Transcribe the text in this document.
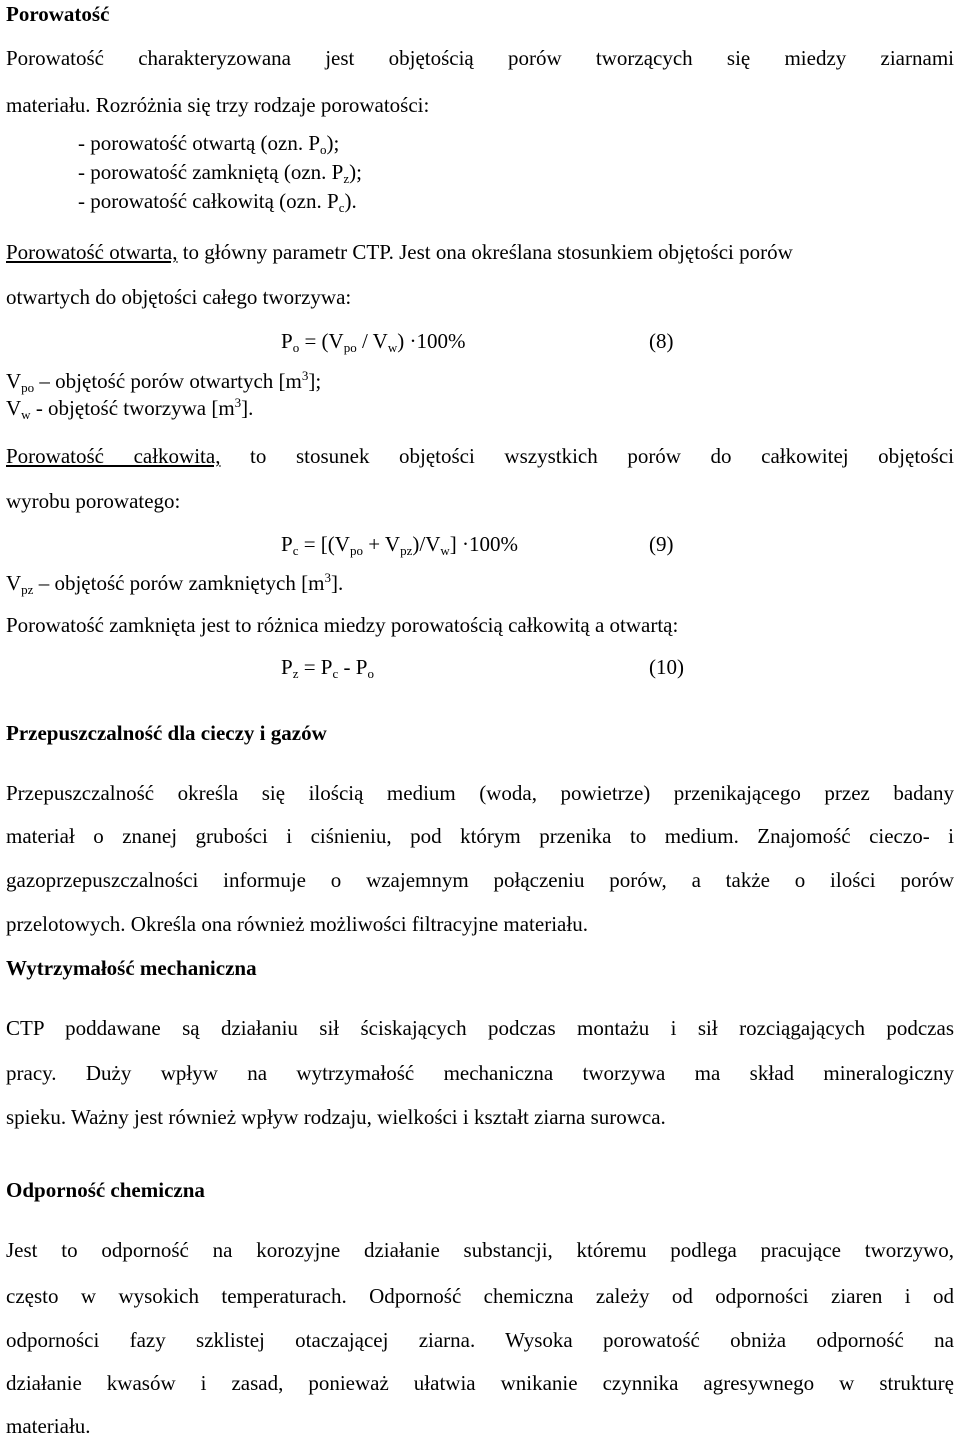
Porowatość
Porowatość charakteryzowana jest objętością porów tworzących się miedzy ziarnami
materiału. Rozróżnia się trzy rodzaje porowatości:
- porowatość otwartą (ozn. $P_o$);
- porowatość zamkniętą (ozn. $P_z$);
- porowatość całkowitą (ozn. $P_c$).
Porowatość otwarta, to główny parametr CTP. Jest ona określana stosunkiem objętości porów
otwartych do objętości całego tworzywa:
$P_o = (V_{po} / V_w) \cdot 100\%$	(8)
$V_{po}$ – objętość porów otwartych $[m^3]$;
$V_w$ - objętość tworzywa $[m^3]$.
Porowatość całkowita, to stosunek objętości wszystkich porów do całkowitej objętości
wyrobu porowatego:
$P_c = [(V_{po} + V_{pz})/V_w] \cdot 100\%$	(9)
$V_{pz}$ – objętość porów zamkniętych $[m^3]$.
Porowatość zamknięta jest to różnica miedzy porowatością całkowitą a otwartą:
$P_z = P_c - P_o$	(10)
Przepuszczalność dla cieczy i gazów
Przepuszczalność określa się ilością medium (woda, powietrze) przenikającego przez badany
materiał o znanej grubości i ciśnieniu, pod którym przenika to medium. Znajomość cieczo- i
gazoprzepuszczalności informuje o wzajemnym połączeniu porów, a także o ilości porów
przelotowych. Określa ona również możliwości filtracyjne materiału.
Wytrzymałość mechaniczna
CTP poddawane są działaniu sił ściskających podczas montażu i sił rozciągających podczas
pracy. Duży wpływ na wytrzymałość mechaniczna tworzywa ma skład mineralogiczny
spieku. Ważny jest również wpływ rodzaju, wielkości i kształt ziarna surowca.
Odporność chemiczna
Jest to odporność na korozyjne działanie substancji, któremu podlega pracujące tworzywo,
często w wysokich temperaturach. Odporność chemiczna zależy od odporności ziaren i od
odporności fazy szklistej otaczającej ziarna. Wysoka porowatość obniża odporność na
działanie kwasów i zasad, ponieważ ułatwia wnikanie czynnika agresywnego w strukturę
materiału.
